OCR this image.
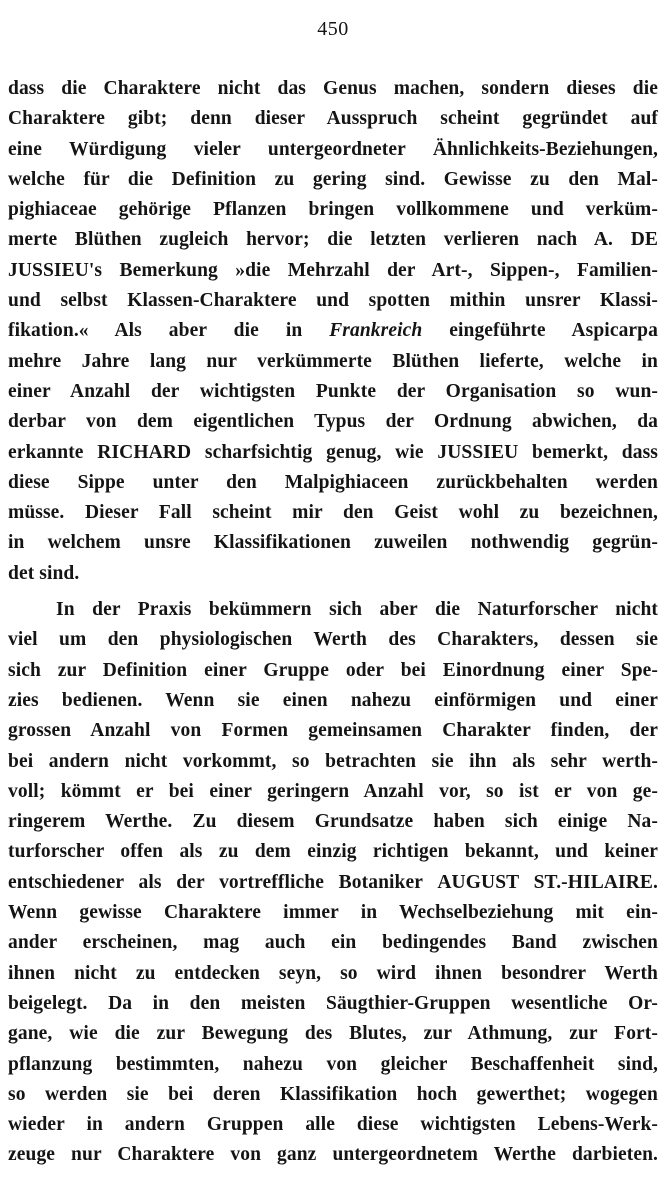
450
dass die Charaktere nicht das Genus machen, sondern dieses die
Charaktere gibt; denn dieser Ausspruch scheint gegründet auf
eine Würdigung vieler untergeordneter Ähnlichkeits-Beziehungen,
welche für die Definition zu gering sind. Gewisse zu den Mal-
pighiaceae gehörige Pflanzen bringen vollkommene und verküm-
merte Blüthen zugleich hervor; die letzten verlieren nach A. DE
JUSSIEU's Bemerkung »die Mehrzahl der Art-, Sippen-, Familien-
und selbst Klassen-Charaktere und spotten mithin unsrer Klassi-
fikation.« Als aber die in Frankreich eingeführte Aspicarpa
mehre Jahre lang nur verkümmerte Blüthen lieferte, welche in
einer Anzahl der wichtigsten Punkte der Organisation so wun-
derbar von dem eigentlichen Typus der Ordnung abwichen, da
erkannte RICHARD scharfsichtig genug, wie JUSSIEU bemerkt, dass
diese Sippe unter den Malpighiaceen zurückbehalten werden
müsse. Dieser Fall scheint mir den Geist wohl zu bezeichnen,
in welchem unsre Klassifikationen zuweilen nothwendig gegrün-
det sind.
In der Praxis bekümmern sich aber die Naturforscher nicht
viel um den physiologischen Werth des Charakters, dessen sie
sich zur Definition einer Gruppe oder bei Einordnung einer Spe-
zies bedienen. Wenn sie einen nahezu einförmigen und einer
grossen Anzahl von Formen gemeinsamen Charakter finden, der
bei andern nicht vorkommt, so betrachten sie ihn als sehr werth-
voll; kömmt er bei einer geringern Anzahl vor, so ist er von ge-
ringerem Werthe. Zu diesem Grundsatze haben sich einige Na-
turforscher offen als zu dem einzig richtigen bekannt, und keiner
entschiedener als der vortreffliche Botaniker AUGUST ST.-HILAIRE.
Wenn gewisse Charaktere immer in Wechselbeziehung mit ein-
ander erscheinen, mag auch ein bedingendes Band zwischen
ihnen nicht zu entdecken seyn, so wird ihnen besondrer Werth
beigelegt. Da in den meisten Säugthier-Gruppen wesentliche Or-
gane, wie die zur Bewegung des Blutes, zur Athmung, zur Fort-
pflanzung bestimmten, nahezu von gleicher Beschaffenheit sind,
so werden sie bei deren Klassifikation hoch gewerthet; wogegen
wieder in andern Gruppen alle diese wichtigsten Lebens-Werk-
zeuge nur Charaktere von ganz untergeordnetem Werthe darbieten.
